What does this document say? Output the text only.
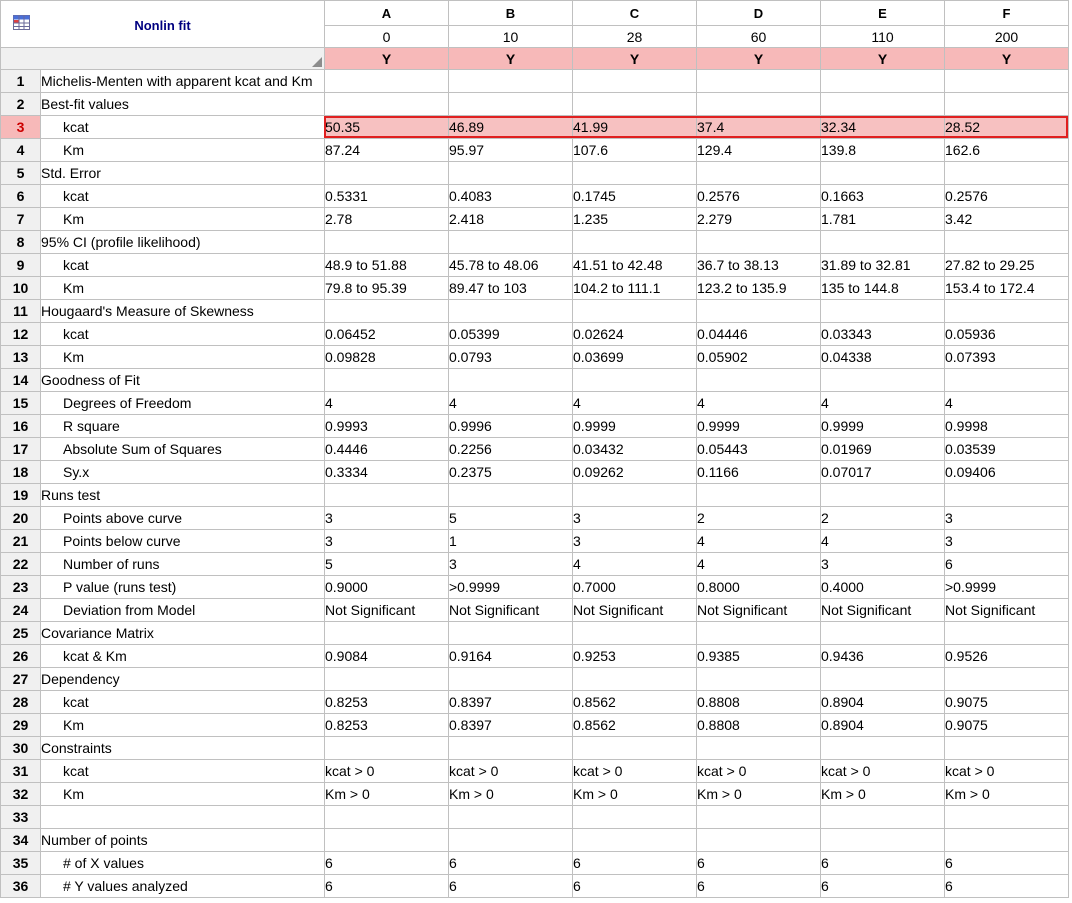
Nonlin fit		A	B	C	D	E	F
		0	10	28	60	110	200

		Y	Y	Y	Y	Y	Y
1	Michelis-Menten with apparent kcat and Km						
2	Best-fit values						
3	kcat	50.35	46.89	41.99	37.4	32.34	28.52
4	Km	87.24	95.97	107.6	129.4	139.8	162.6
5	Std. Error						
6	kcat	0.5331	0.4083	0.1745	0.2576	0.1663	0.2576
7	Km	2.78	2.418	1.235	2.279	1.781	3.42
8	95% CI (profile likelihood)						
9	kcat	48.9 to 51.88	45.78 to 48.06	41.51 to 42.48	36.7 to 38.13	31.89 to 32.81	27.82 to 29.25
10	Km	79.8 to 95.39	89.47 to 103	104.2 to 111.1	123.2 to 135.9	135 to 144.8	153.4 to 172.4
11	Hougaard's Measure of Skewness						
12	kcat	0.06452	0.05399	0.02624	0.04446	0.03343	0.05936
13	Km	0.09828	0.0793	0.03699	0.05902	0.04338	0.07393
14	Goodness of Fit						
15	Degrees of Freedom	4	4	4	4	4	4
16	R square	0.9993	0.9996	0.9999	0.9999	0.9999	0.9998
17	Absolute Sum of Squares	0.4446	0.2256	0.03432	0.05443	0.01969	0.03539
18	Sy.x	0.3334	0.2375	0.09262	0.1166	0.07017	0.09406
19	Runs test						
20	Points above curve	3	5	3	2	2	3
21	Points below curve	3	1	3	4	4	3
22	Number of runs	5	3	4	4	3	6
23	P value (runs test)	0.9000	>0.9999	0.7000	0.8000	0.4000	>0.9999
24	Deviation from Model	Not Significant	Not Significant	Not Significant	Not Significant	Not Significant	Not Significant
25	Covariance Matrix						
26	kcat & Km	0.9084	0.9164	0.9253	0.9385	0.9436	0.9526
27	Dependency						
28	kcat	0.8253	0.8397	0.8562	0.8808	0.8904	0.9075
29	Km	0.8253	0.8397	0.8562	0.8808	0.8904	0.9075
30	Constraints						
31	kcat	kcat > 0	kcat > 0	kcat > 0	kcat > 0	kcat > 0	kcat > 0
32	Km	Km > 0	Km > 0	Km > 0	Km > 0	Km > 0	Km > 0
33							
34	Number of points						
35	# of X values	6	6	6	6	6	6
36	# Y values analyzed	6	6	6	6	6	6
